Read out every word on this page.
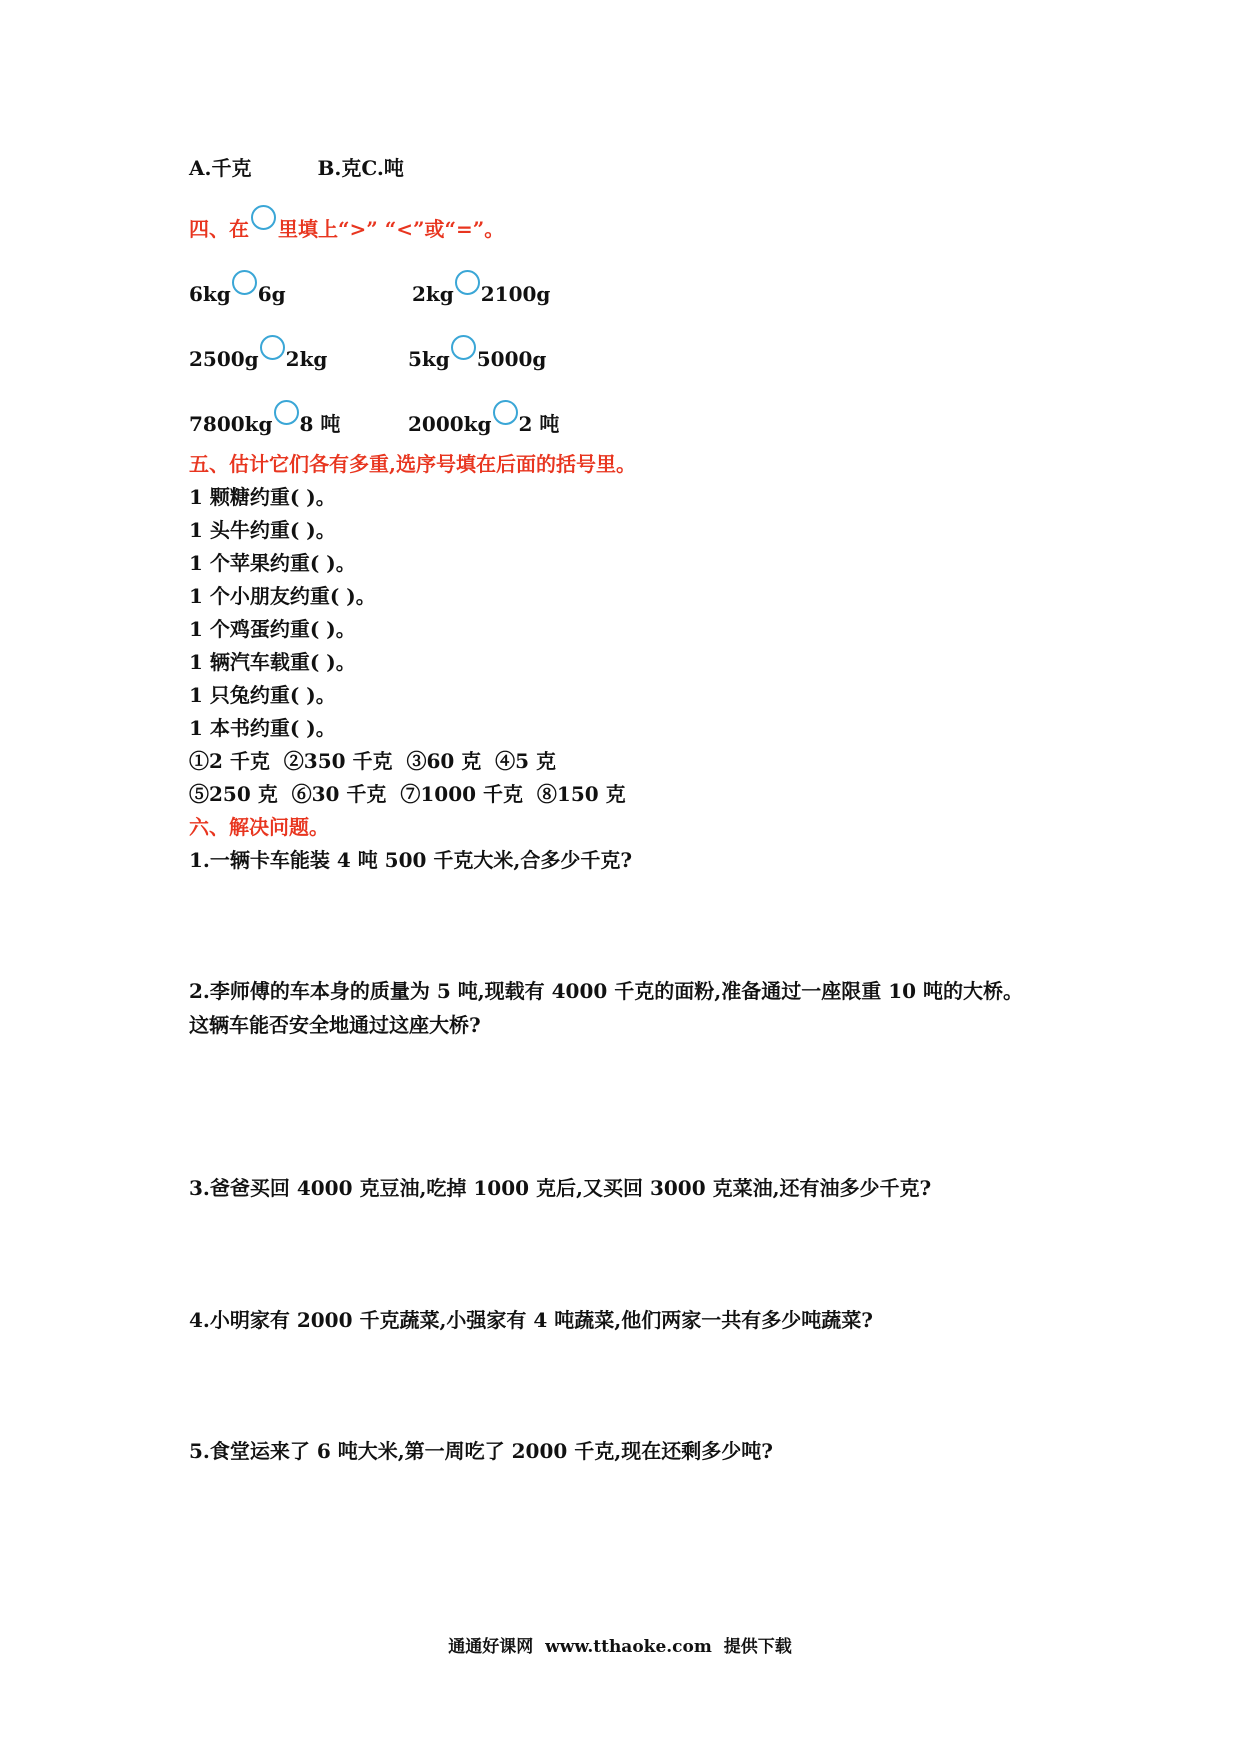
A.千克	B.克C.吨
四、在 里填上“>” “<”或“=”。
6kg 6g	2kg 2100g
2500g 2kg	5kg 5000g
7800kg 8 吨	2000kg 2 吨
五、估计它们各有多重,选序号填在后面的括号里。
1 颗糖约重( )。
1 头牛约重( )。
1 个苹果约重( )。
1 个小朋友约重( )。
1 个鸡蛋约重( )。
1 辆汽车载重( )。
1 只兔约重( )。
1 本书约重( )。
①2 千克  ②350 千克  ③60 克  ④5 克
⑤250 克  ⑥30 千克  ⑦1000 千克  ⑧150 克
六、解决问题。
1.一辆卡车能装 4 吨 500 千克大米,合多少千克?
2.李师傅的车本身的质量为 5 吨,现载有 4000 千克的面粉,准备通过一座限重 10 吨的大桥。
这辆车能否安全地通过这座大桥?
3.爸爸买回 4000 克豆油,吃掉 1000 克后,又买回 3000 克菜油,还有油多少千克?
4.小明家有 2000 千克蔬菜,小强家有 4 吨蔬菜,他们两家一共有多少吨蔬菜?
5.食堂运来了 6 吨大米,第一周吃了 2000 千克,现在还剩多少吨?
通通好课网  www.tthaoke.com  提供下载
